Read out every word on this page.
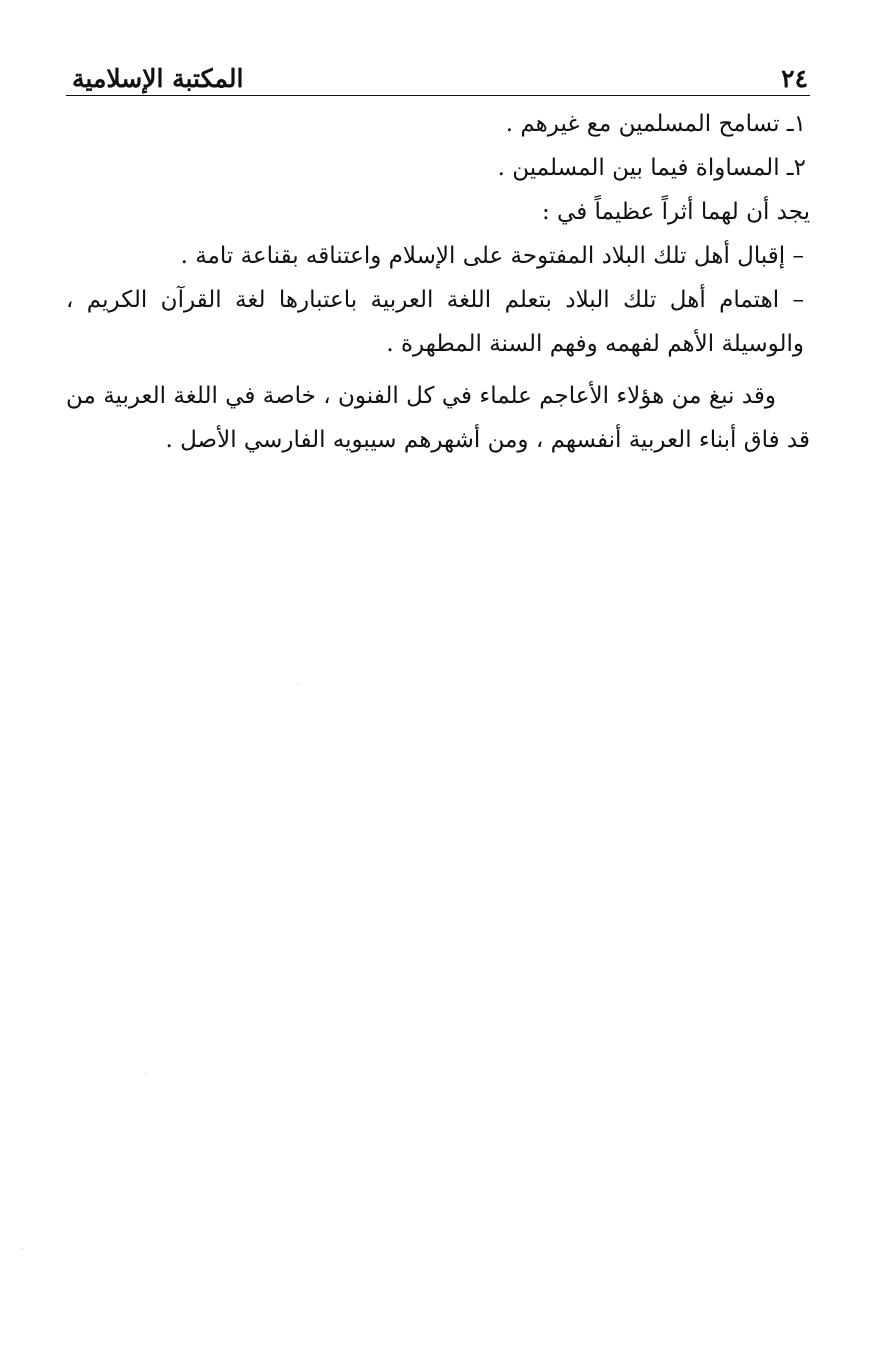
٢٤
المكتبة الإسلامية

١ـ تسامح المسلمين مع غيرهم .

٢ـ المساواة فيما بين المسلمين .

يجد أن لهما أثراً عظيماً في :

– إقبال أهل تلك البلاد المفتوحة على الإسلام واعتناقه بقناعة تامة .

– اهتمام أهل تلك البلاد بتعلم اللغة العربية باعتبارها لغة القرآن الكريم ، والوسيلة الأهم لفهمه وفهم السنة المطهرة .

وقد نبغ من هؤلاء الأعاجم علماء في كل الفنون ، خاصة في اللغة العربية من قد فاق أبناء العربية أنفسهم ، ومن أشهرهم سيبويه الفارسي الأصل .
